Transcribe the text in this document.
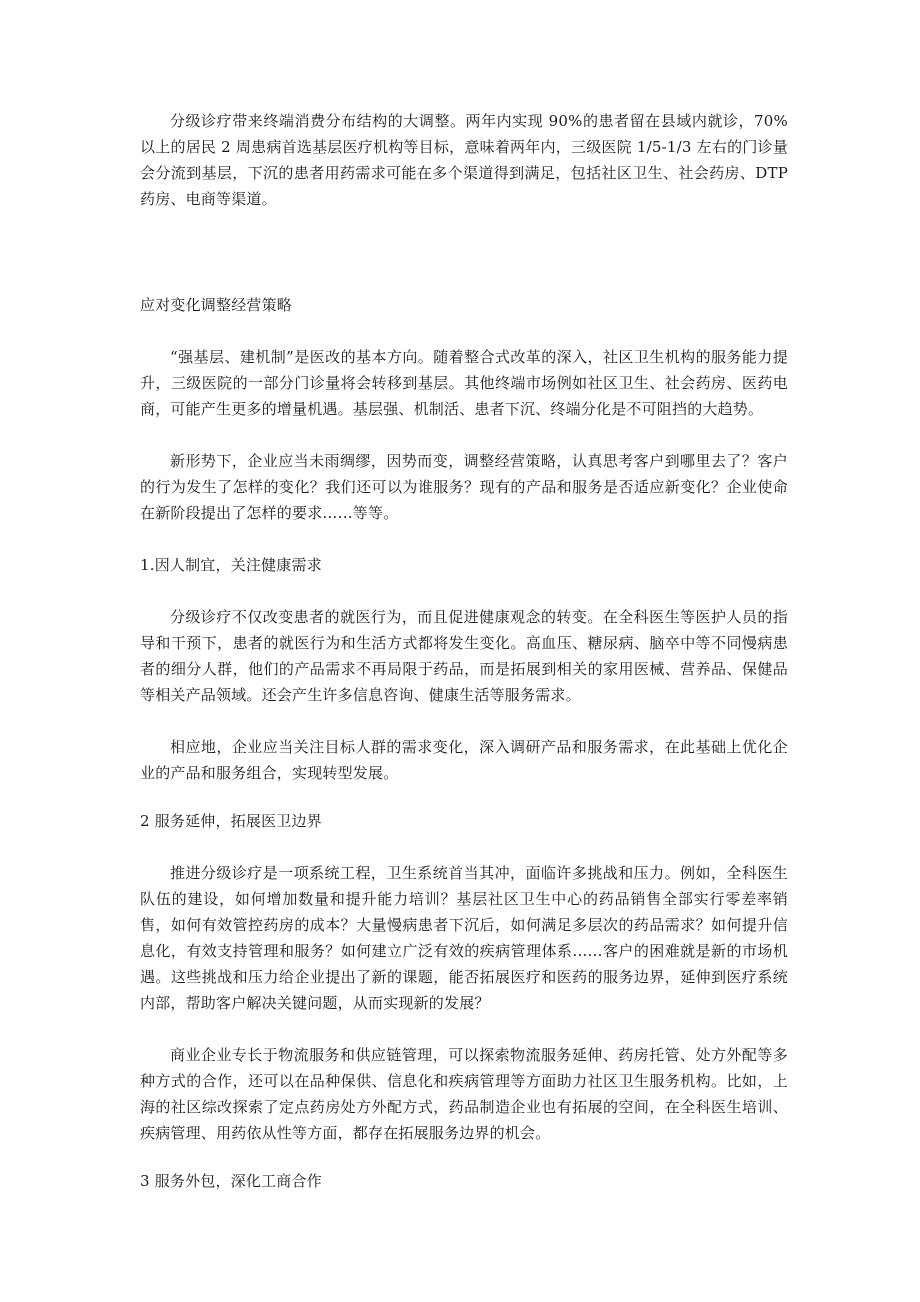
分级诊疗带来终端消费分布结构的大调整。两年内实现 90%的患者留在县域内就诊，70%以上的居民 2 周患病首选基层医疗机构等目标，意味着两年内，三级医院 1/5-1/3 左右的门诊量会分流到基层，下沉的患者用药需求可能在多个渠道得到满足，包括社区卫生、社会药房、DTP 药房、电商等渠道。

应对变化调整经营策略

“强基层、建机制”是医改的基本方向。随着整合式改革的深入，社区卫生机构的服务能力提升，三级医院的一部分门诊量将会转移到基层。其他终端市场例如社区卫生、社会药房、医药电商，可能产生更多的增量机遇。基层强、机制活、患者下沉、终端分化是不可阻挡的大趋势。

新形势下，企业应当未雨绸缪，因势而变，调整经营策略，认真思考客户到哪里去了？客户的行为发生了怎样的变化？我们还可以为谁服务？现有的产品和服务是否适应新变化？企业使命在新阶段提出了怎样的要求……等等。

1.因人制宜，关注健康需求

分级诊疗不仅改变患者的就医行为，而且促进健康观念的转变。在全科医生等医护人员的指导和干预下，患者的就医行为和生活方式都将发生变化。高血压、糖尿病、脑卒中等不同慢病患者的细分人群，他们的产品需求不再局限于药品，而是拓展到相关的家用医械、营养品、保健品等相关产品领域。还会产生许多信息咨询、健康生活等服务需求。

相应地，企业应当关注目标人群的需求变化，深入调研产品和服务需求，在此基础上优化企业的产品和服务组合，实现转型发展。

2 服务延伸，拓展医卫边界

推进分级诊疗是一项系统工程，卫生系统首当其冲，面临许多挑战和压力。例如，全科医生队伍的建设，如何增加数量和提升能力培训？基层社区卫生中心的药品销售全部实行零差率销售，如何有效管控药房的成本？大量慢病患者下沉后，如何满足多层次的药品需求？如何提升信息化，有效支持管理和服务？如何建立广泛有效的疾病管理体系……客户的困难就是新的市场机遇。这些挑战和压力给企业提出了新的课题，能否拓展医疗和医药的服务边界，延伸到医疗系统内部，帮助客户解决关键问题，从而实现新的发展？

商业企业专长于物流服务和供应链管理，可以探索物流服务延伸、药房托管、处方外配等多种方式的合作，还可以在品种保供、信息化和疾病管理等方面助力社区卫生服务机构。比如，上海的社区综改探索了定点药房处方外配方式，药品制造企业也有拓展的空间，在全科医生培训、疾病管理、用药依从性等方面，都存在拓展服务边界的机会。

3 服务外包，深化工商合作
